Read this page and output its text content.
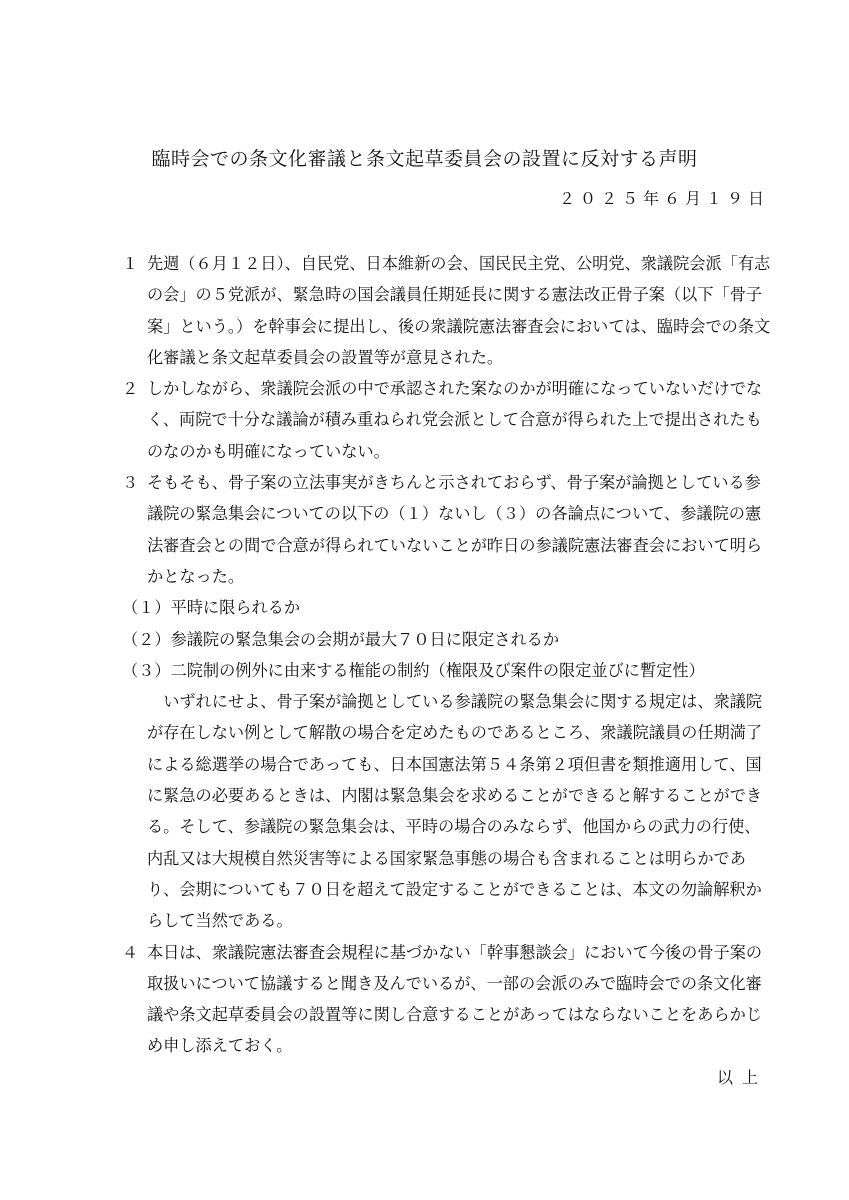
臨時会での条文化審議と条文起草委員会の設置に反対する声明
２０２５年６月１９日
１ 先週（６月１２日）、自民党、日本維新の会、国民民主党、公明党、衆議院会派「有志の会」の５党派が、緊急時の国会議員任期延長に関する憲法改正骨子案（以下「骨子案」という。）を幹事会に提出し、後の衆議院憲法審査会においては、臨時会での条文化審議と条文起草委員会の設置等が意見された。
２ しかしながら、衆議院会派の中で承認された案なのかが明確になっていないだけでなく、両院で十分な議論が積み重ねられ党会派として合意が得られた上で提出されたものなのかも明確になっていない。
３ そもそも、骨子案の立法事実がきちんと示されておらず、骨子案が論拠としている参議院の緊急集会についての以下の（１）ないし（３）の各論点について、参議院の憲法審査会との間で合意が得られていないことが昨日の参議院憲法審査会において明らかとなった。
（１）平時に限られるか
（２）参議院の緊急集会の会期が最大７０日に限定されるか
（３）二院制の例外に由来する権能の制約（権限及び案件の限定並びに暫定性）
いずれにせよ、骨子案が論拠としている参議院の緊急集会に関する規定は、衆議院が存在しない例として解散の場合を定めたものであるところ、衆議院議員の任期満了による総選挙の場合であっても、日本国憲法第５４条第２項但書を類推適用して、国に緊急の必要あるときは、内閣は緊急集会を求めることができると解することができる。そして、参議院の緊急集会は、平時の場合のみならず、他国からの武力の行使、内乱又は大規模自然災害等による国家緊急事態の場合も含まれることは明らかであり、会期についても７０日を超えて設定することができることは、本文の勿論解釈からして当然である。
４ 本日は、衆議院憲法審査会規程に基づかない「幹事懇談会」において今後の骨子案の取扱いについて協議すると聞き及んでいるが、一部の会派のみで臨時会での条文化審議や条文起草委員会の設置等に関し合意することがあってはならないことをあらかじめ申し添えておく。
以上
